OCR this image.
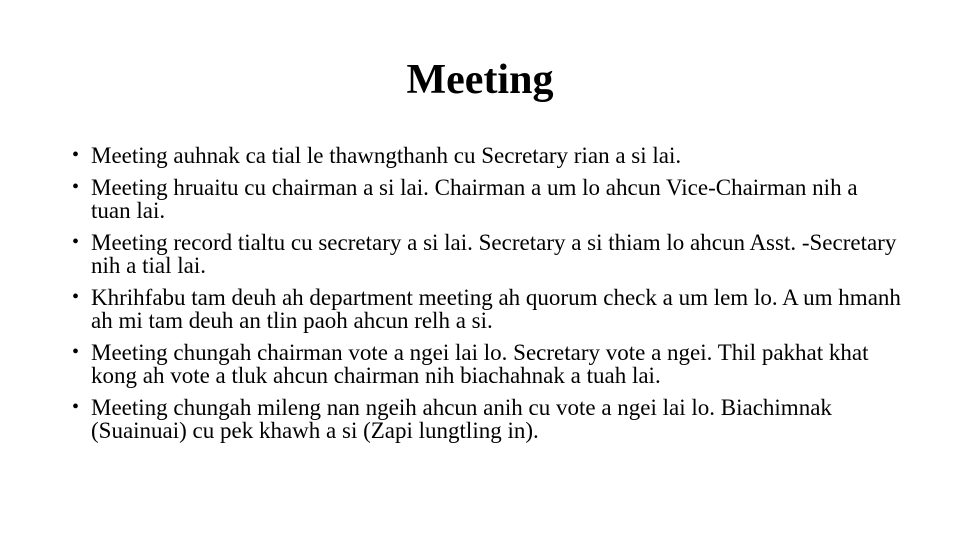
Meeting
• Meeting auhnak ca tial le thawngthanh cu Secretary rian a si lai.
• Meeting hruaitu cu chairman a si lai. Chairman a um lo ahcun Vice-Chairman nih a tuan lai.
• Meeting record tialtu cu secretary a si lai. Secretary a si thiam lo ahcun Asst. -Secretary nih a tial lai.
• Khrihfabu tam deuh ah department meeting ah quorum check a um lem lo. A um hmanh ah mi tam deuh an tlin paoh ahcun relh a si.
• Meeting chungah chairman vote a ngei lai lo. Secretary vote a ngei. Thil pakhat khat kong ah vote a tluk ahcun chairman nih biachahnak a tuah lai.
• Meeting chungah mileng nan ngeih ahcun anih cu vote a ngei lai lo. Biachimnak (Suainuai) cu pek khawh a si (Zapi lungtling in).
